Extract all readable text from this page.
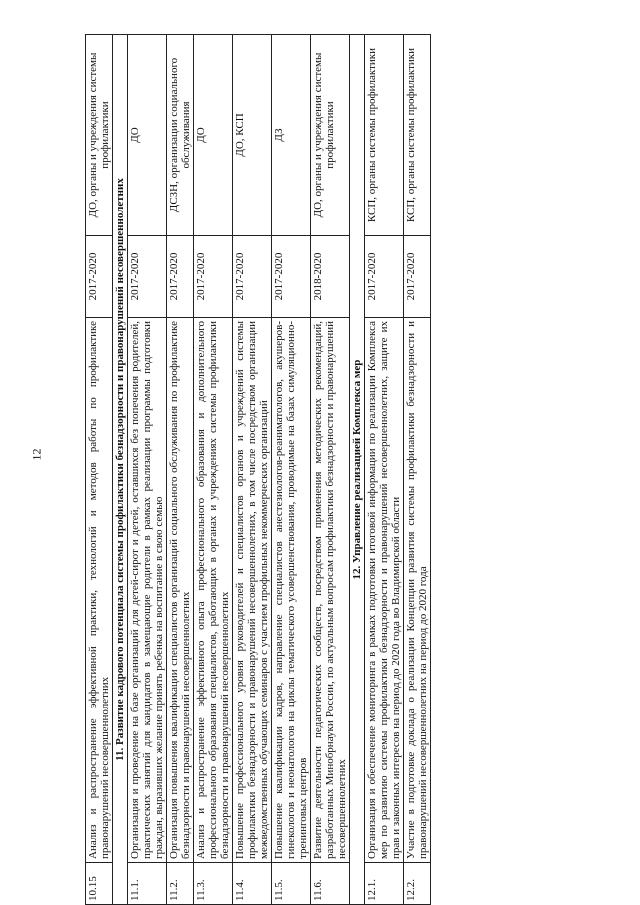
12
10.15	Анализ и распространение эффективной практики, технологий и методов работы по профилактике правонарушений несовершеннолетних	2017-2020	ДО, органы и учреждения системы профилактики
11. Развитие кадрового потенциала системы профилактики безнадзорности и правонарушений несовершеннолетних			
11.1.	Организация и проведение на базе организаций для детей-сирот и детей, оставшихся без попечения родителей, практических занятий для кандидатов в замещающие родители в рамках реализации программы подготовки граждан, выразивших желание принять ребенка на воспитание в свою семью	2017-2020	ДО
11.2.	Организация повышения квалификации специалистов организаций социального обслуживания по профилактике безнадзорности и правонарушений несовершеннолетних	2017-2020	ДСЗН, организации социального обслуживания
11.3.	Анализ и распространение эффективного опыта профессионального образования и дополнительного профессионального образования специалистов, работающих в органах и учреждениях системы профилактики безнадзорности и правонарушений несовершеннолетних	2017-2020	ДО
11.4.	Повышение профессионального уровня руководителей и специалистов органов и учреждений системы профилактики безнадзорности и правонарушений несовершеннолетних, в том числе посредством организации межведомственных обучающих семинаров с участием профильных некоммерческих организаций	2017-2020	ДО, КСП
11.5.	Повышение квалификации кадров, направление специалистов анестезиологов-реаниматологов, акушеров-гинекологов и неонатологов на циклы тематического усовершенствования, проводимые на базах симуляционно-тренинговых центров	2017-2020	ДЗ
11.6.	Развитие деятельности педагогических сообществ, посредством применения методических рекомендаций, разработанных Минобрнауки России, по актуальным вопросам профилактики безнадзорности и правонарушений несовершеннолетних	2018-2020	ДО, органы и учреждения системы профилактики
12. Управление реализацией Комплекса мер			
12.1.	Организация и обеспечение мониторинга в рамках подготовки итоговой информации по реализации Комплекса мер по развитию системы профилактики безнадзорности и правонарушений несовершеннолетних, защите их прав и законных интересов на период до 2020 года во Владимирской области	2017-2020	КСП, органы системы профилактики
12.2.	Участие в подготовке доклада о реализации Концепции развития системы профилактики безнадзорности и правонарушений несовершеннолетних на период до 2020 года	2017-2020	КСП, органы системы профилактики
